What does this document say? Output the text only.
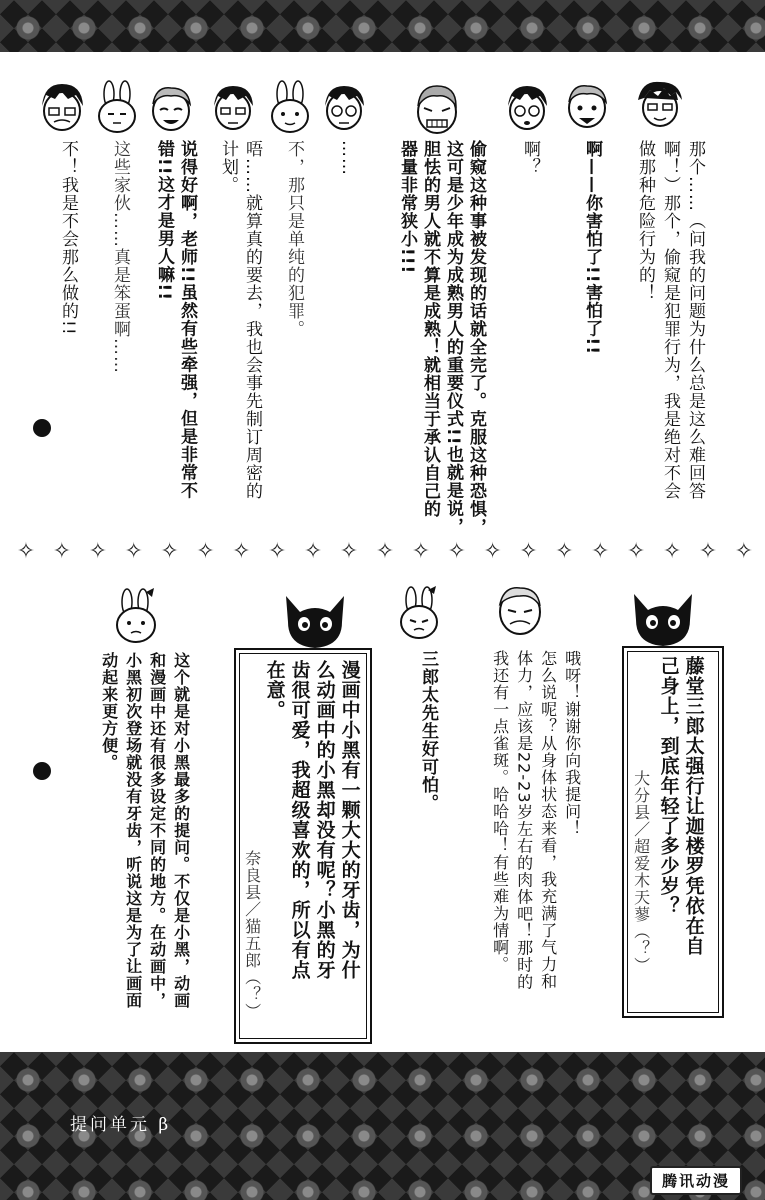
提问单元 β
腾讯动漫
那个……（问我的问题为什么总是这么难回答
啊！）那个，偷窥是犯罪行为，我是绝对不会
做那种危险行为的！
啊——你害怕了!!害怕了!!
啊？
偷窥这种事被发现的话就全完了。克服这种恐惧，
这可是少年成为成熟男人的重要仪式!!也就是说，
胆怯的男人就不算是成熟！就相当于承认自己的
器量非常狭小!!!
……
不，那只是单纯的犯罪。
唔……就算真的要去，我也会事先制订周密的
计划。
说得好啊，老师!!虽然有些牵强，但是非常不
错!!这才是男人嘛!!
这些家伙……真是笨蛋啊……
不！我是不会那么做的!!
✧ ✧ ✧ ✧ ✧ ✧ ✧ ✧ ✧ ✧ ✧ ✧ ✧ ✧ ✧ ✧ ✧ ✧ ✧ ✧ ✧
藤堂三郎太强行让迦楼罗凭依在自
己身上，到底年轻了多少岁？
大分县／超爱木天蓼（？）
哦呀！谢谢你向我提问！
怎么说呢？从身体状态来看，我充满了气力和
体力，应该是22-23岁左右的肉体吧！那时的
我还有一点雀斑。哈哈哈！有些难为情啊。
三郎太先生好可怕。
漫画中小黑有一颗大大的牙齿，为什
么动画中的小黑却没有呢？小黑的牙
齿很可爱，我超级喜欢的，所以有点
在意。
奈良县／猫五郎（？）
这个就是对小黑最多的提问。不仅是小黑，动画
和漫画中还有很多设定不同的地方。在动画中，
小黑初次登场就没有牙齿，听说这是为了让画面
动起来更方便。
